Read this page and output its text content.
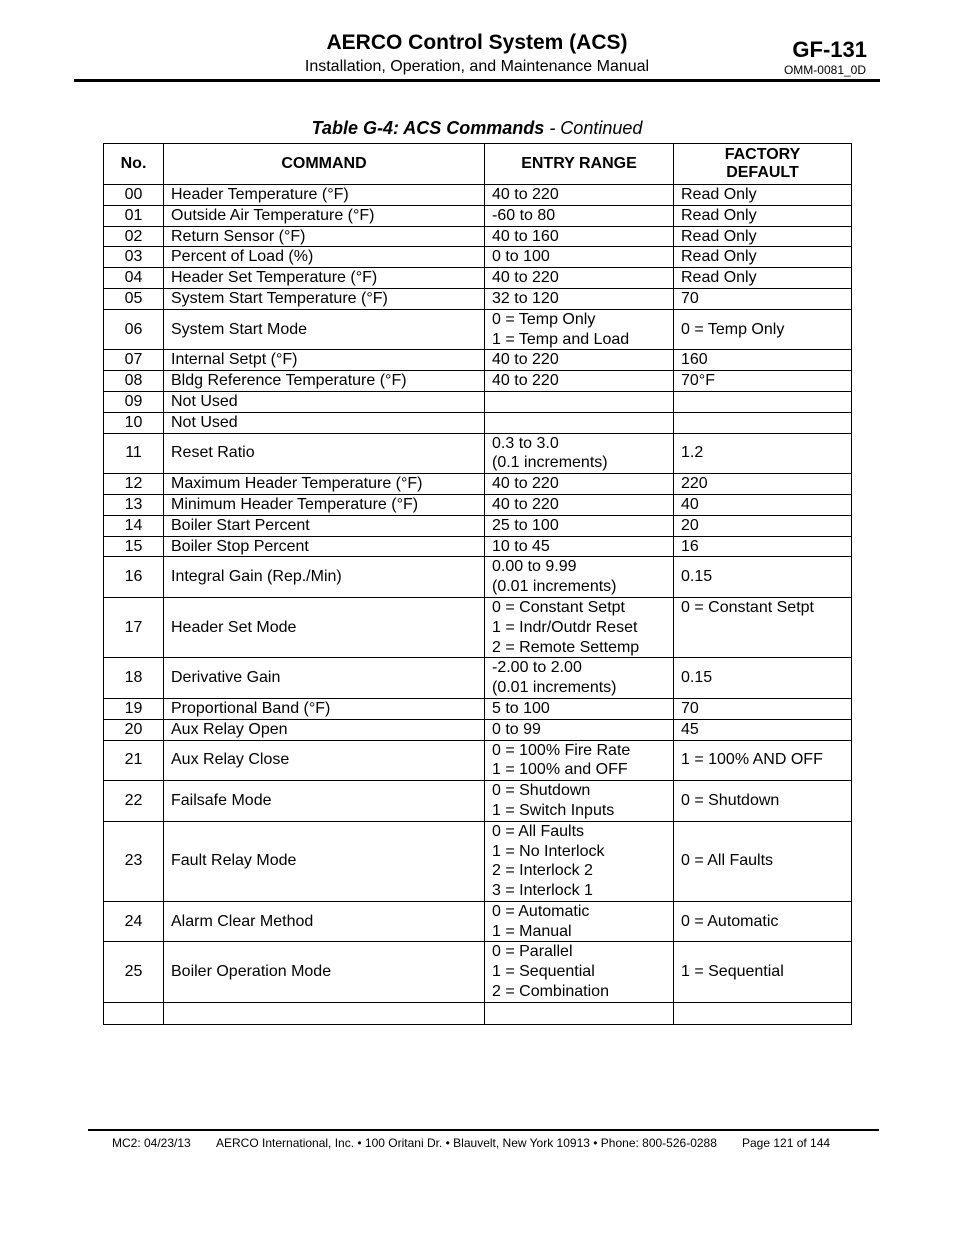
AERCO Control System (ACS)
Installation, Operation, and Maintenance Manual
GF-131
OMM-0081_0D
Table G-4: ACS Commands - Continued
No.	COMMAND	ENTRY RANGE	FACTORY
DEFAULT
00	Header Temperature (°F)	40 to 220	Read Only
01	Outside Air Temperature (°F)	-60 to 80	Read Only
02	Return Sensor (°F)	40 to 160	Read Only
03	Percent of Load (%)	0 to 100	Read Only
04	Header Set Temperature (°F)	40 to 220	Read Only
05	System Start Temperature (°F)	32 to 120	70
06	System Start Mode	0 = Temp Only
1 = Temp and Load	0 = Temp Only
07	Internal Setpt (°F)	40 to 220	160
08	Bldg Reference Temperature (°F)	40 to 220	70°F
09	Not Used	

10	Not Used	

11	Reset Ratio	0.3 to 3.0
(0.1 increments)	1.2
12	Maximum Header Temperature (°F)	40 to 220	220
13	Minimum Header Temperature (°F)	40 to 220	40
14	Boiler Start Percent	25 to 100	20
15	Boiler Stop Percent	10 to 45	16
16	Integral Gain (Rep./Min)	0.00 to 9.99
(0.01 increments)	0.15
17	Header Set Mode	0 = Constant Setpt
1 = Indr/Outdr Reset
2 = Remote Settemp	0 = Constant Setpt
18	Derivative Gain	-2.00 to 2.00
(0.01 increments)	0.15
19	Proportional Band (°F)	5 to 100	70
20	Aux Relay Open	0 to 99	45
21	Aux Relay Close	0 = 100% Fire Rate
1 = 100% and OFF	1 = 100% AND OFF
22	Failsafe Mode	0 = Shutdown
1 = Switch Inputs	0 = Shutdown
23	Fault Relay Mode	0 = All Faults
1 = No Interlock
2 = Interlock 2
3 = Interlock 1	0 = All Faults
24	Alarm Clear Method	0 = Automatic
1 = Manual	0 = Automatic
25	Boiler Operation Mode	0 = Parallel
1 = Sequential
2 = Combination	1 = Sequential

MC2: 04/23/13 AERCO International, Inc. • 100 Oritani Dr. • Blauvelt, New York 10913 • Phone: 800-526-0288 Page 121 of 144
